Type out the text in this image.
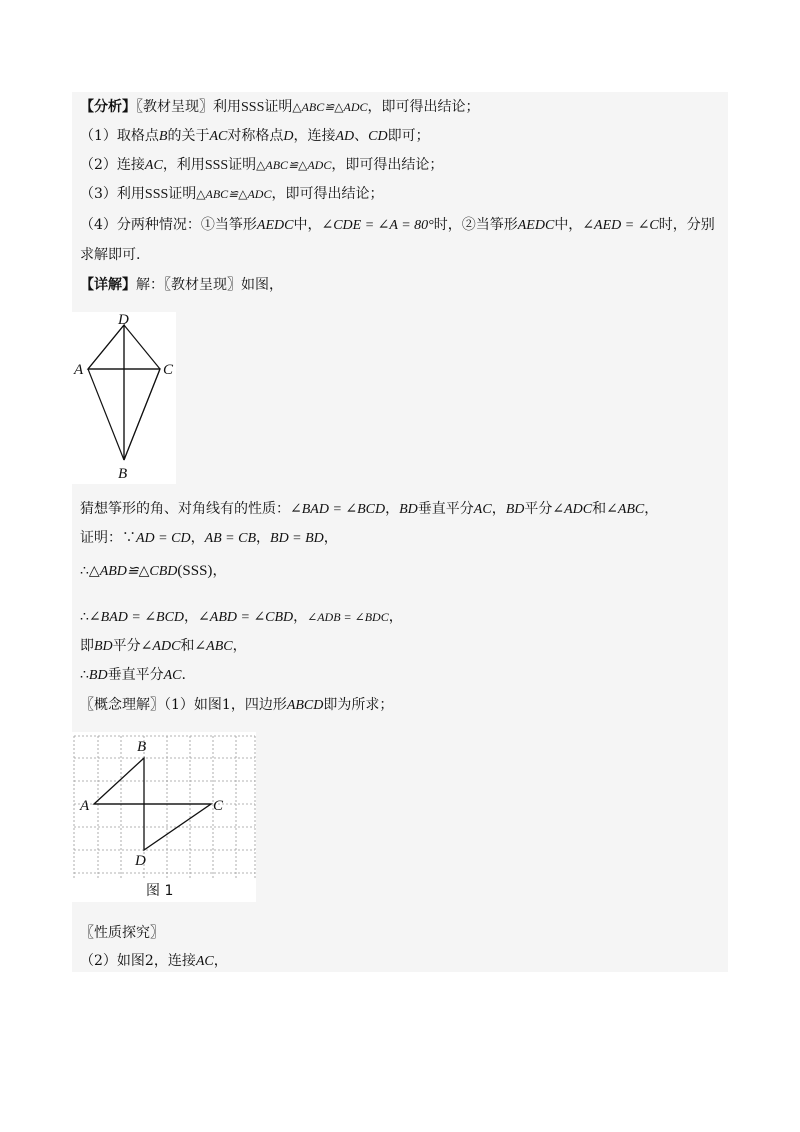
【分析】〖教材呈现〗利用SSS证明△ABC≌△ADC，即可得出结论；
（1）取格点B的关于AC对称格点D，连接AD、CD即可；
（2）连接AC，利用SSS证明△ABC≌△ADC，即可得出结论；
（3）利用SSS证明△ABC≌△ADC，即可得出结论；
（4）分两种情况：①当筝形AEDC中，∠CDE = ∠A = 80°时，②当筝形AEDC中，∠AED = ∠C时，分别
求解即可.
【详解】解：〖教材呈现〗如图，
D
A	C
B
猜想筝形的角、对角线有的性质：∠BAD = ∠BCD，BD垂直平分AC，BD平分∠ADC和∠ABC，
证明：∵AD = CD，AB = CB，BD = BD，
∴△ABD≌△CBD(SSS)，
∴∠BAD = ∠BCD，∠ABD = ∠CBD，∠ADB = ∠BDC，
即BD平分∠ADC和∠ABC，
∴BD垂直平分AC.
〖概念理解〗（1）如图1，四边形ABCD即为所求；
B
A	C
D
图 1
〖性质探究〗
（2）如图2，连接AC，
